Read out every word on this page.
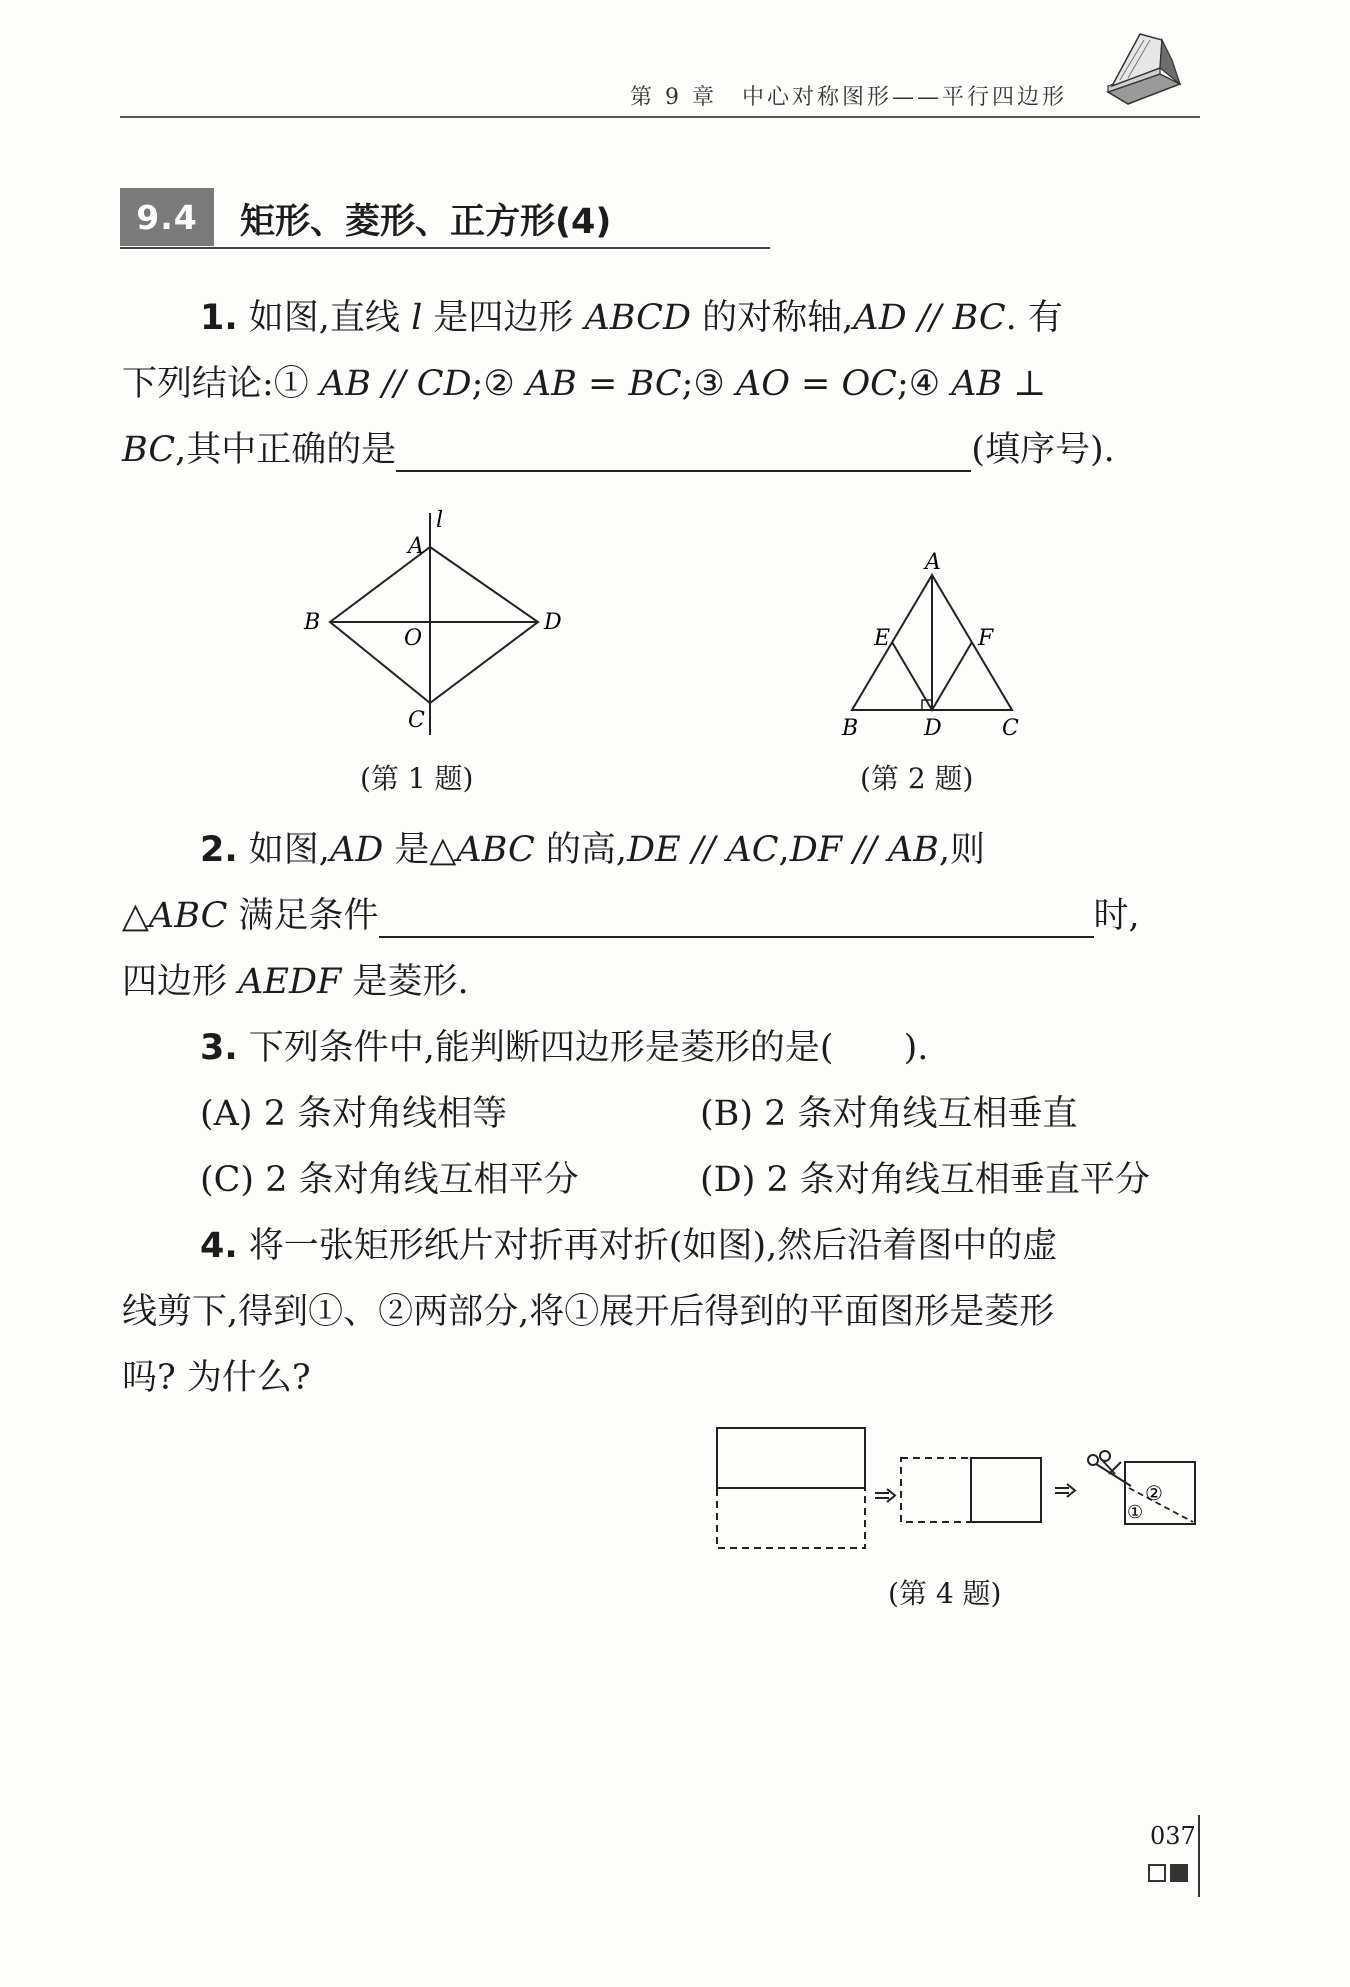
第 9 章　中心对称图形——平行四边形
9.4	矩形、菱形、正方形(4)
1. 如图,直线 l 是四边形 ABCD 的对称轴,AD // BC. 有
下列结论:① AB // CD;② AB = BC;③ AO = OC;④ AB ⊥
BC,其中正确的是	(填序号).
l
A
B	D
O
C
(第 1 题)
A
E	F
B	D	C
(第 2 题)
2. 如图,AD 是△ABC 的高,DE // AC,DF // AB,则
△ABC 满足条件	时,
四边形 AEDF 是菱形.
3. 下列条件中,能判断四边形是菱形的是(　　).
(A) 2 条对角线相等	(B) 2 条对角线互相垂直
(C) 2 条对角线互相平分	(D) 2 条对角线互相垂直平分
4. 将一张矩形纸片对折再对折(如图),然后沿着图中的虚
线剪下,得到①、②两部分,将①展开后得到的平面图形是菱形
吗? 为什么?
②
①
(第 4 题)
037
